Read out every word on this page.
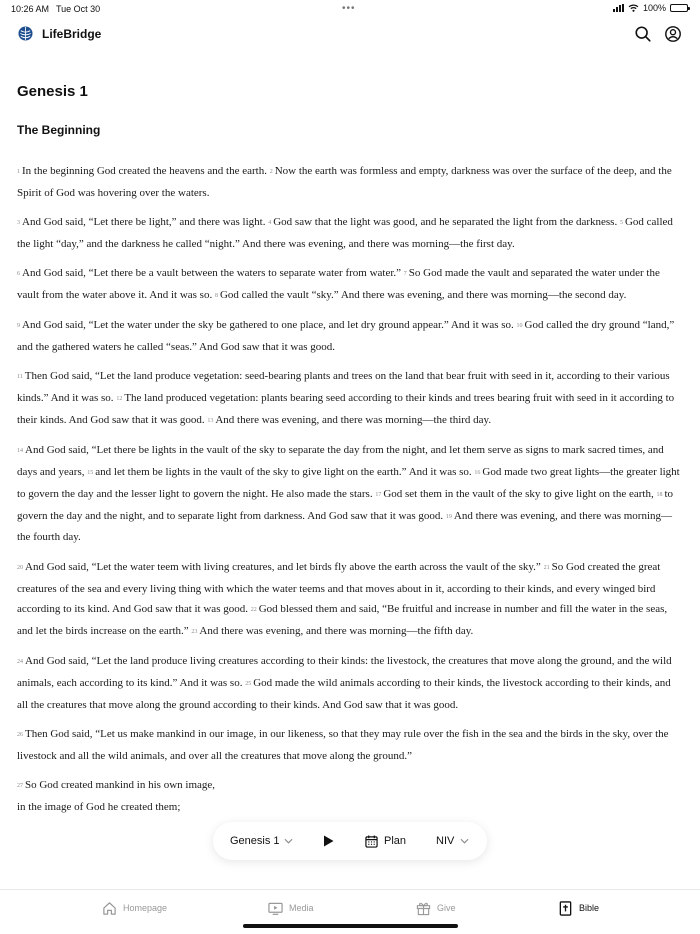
10:26 AM Tue Oct 30	•••	100%
LifeBridge
Genesis 1
The Beginning

$^1$ In the beginning God created the heavens and the earth. $^2$ Now the earth was formless and empty, darkness was over the surface of the deep, and the Spirit of God was hovering over the waters.

$^3$ And God said, “Let there be light,” and there was light. $^4$ God saw that the light was good, and he separated the light from the darkness. $^5$ God called the light “day,” and the darkness he called “night.” And there was evening, and there was morning—the first day.

$^6$ And God said, “Let there be a vault between the waters to separate water from water.” $^7$ So God made the vault and separated the water under the vault from the water above it. And it was so. $^8$ God called the vault “sky.” And there was evening, and there was morning—the second day.

$^9$ And God said, “Let the water under the sky be gathered to one place, and let dry ground appear.” And it was so. $^{10}$ God called the dry ground “land,” and the gathered waters he called “seas.” And God saw that it was good.

$^{11}$ Then God said, “Let the land produce vegetation: seed-bearing plants and trees on the land that bear fruit with seed in it, according to their various kinds.” And it was so. $^{12}$ The land produced vegetation: plants bearing seed according to their kinds and trees bearing fruit with seed in it according to their kinds. And God saw that it was good. $^{13}$ And there was evening, and there was morning—the third day.

$^{14}$ And God said, “Let there be lights in the vault of the sky to separate the day from the night, and let them serve as signs to mark sacred times, and days and years, $^{15}$ and let them be lights in the vault of the sky to give light on the earth.” And it was so. $^{16}$ God made two great lights—the greater light to govern the day and the lesser light to govern the night. He also made the stars. $^{17}$ God set them in the vault of the sky to give light on the earth, $^{18}$ to govern the day and the night, and to separate light from darkness. And God saw that it was good. $^{19}$ And there was evening, and there was morning—the fourth day.

$^{20}$ And God said, “Let the water teem with living creatures, and let birds fly above the earth across the vault of the sky.” $^{21}$ So God created the great creatures of the sea and every living thing with which the water teems and that moves about in it, according to their kinds, and every winged bird according to its kind. And God saw that it was good. $^{22}$ God blessed them and said, “Be fruitful and increase in number and fill the water in the seas, and let the birds increase on the earth.” $^{23}$ And there was evening, and there was morning—the fifth day.

$^{24}$ And God said, “Let the land produce living creatures according to their kinds: the livestock, the creatures that move along the ground, and the wild animals, each according to its kind.” And it was so. $^{25}$ God made the wild animals according to their kinds, the livestock according to their kinds, and all the creatures that move along the ground according to their kinds. And God saw that it was good.

$^{26}$ Then God said, “Let us make mankind in our image, in our likeness, so that they may rule over the fish in the sea and the birds in the sky, over the livestock and all the wild animals, and over all the creatures that move along the ground.”

$^{27}$ So God created mankind in his own image,
in the image of God he created them;

Genesis 1	Plan	NIV
Homepage	Media	Give	Bible
